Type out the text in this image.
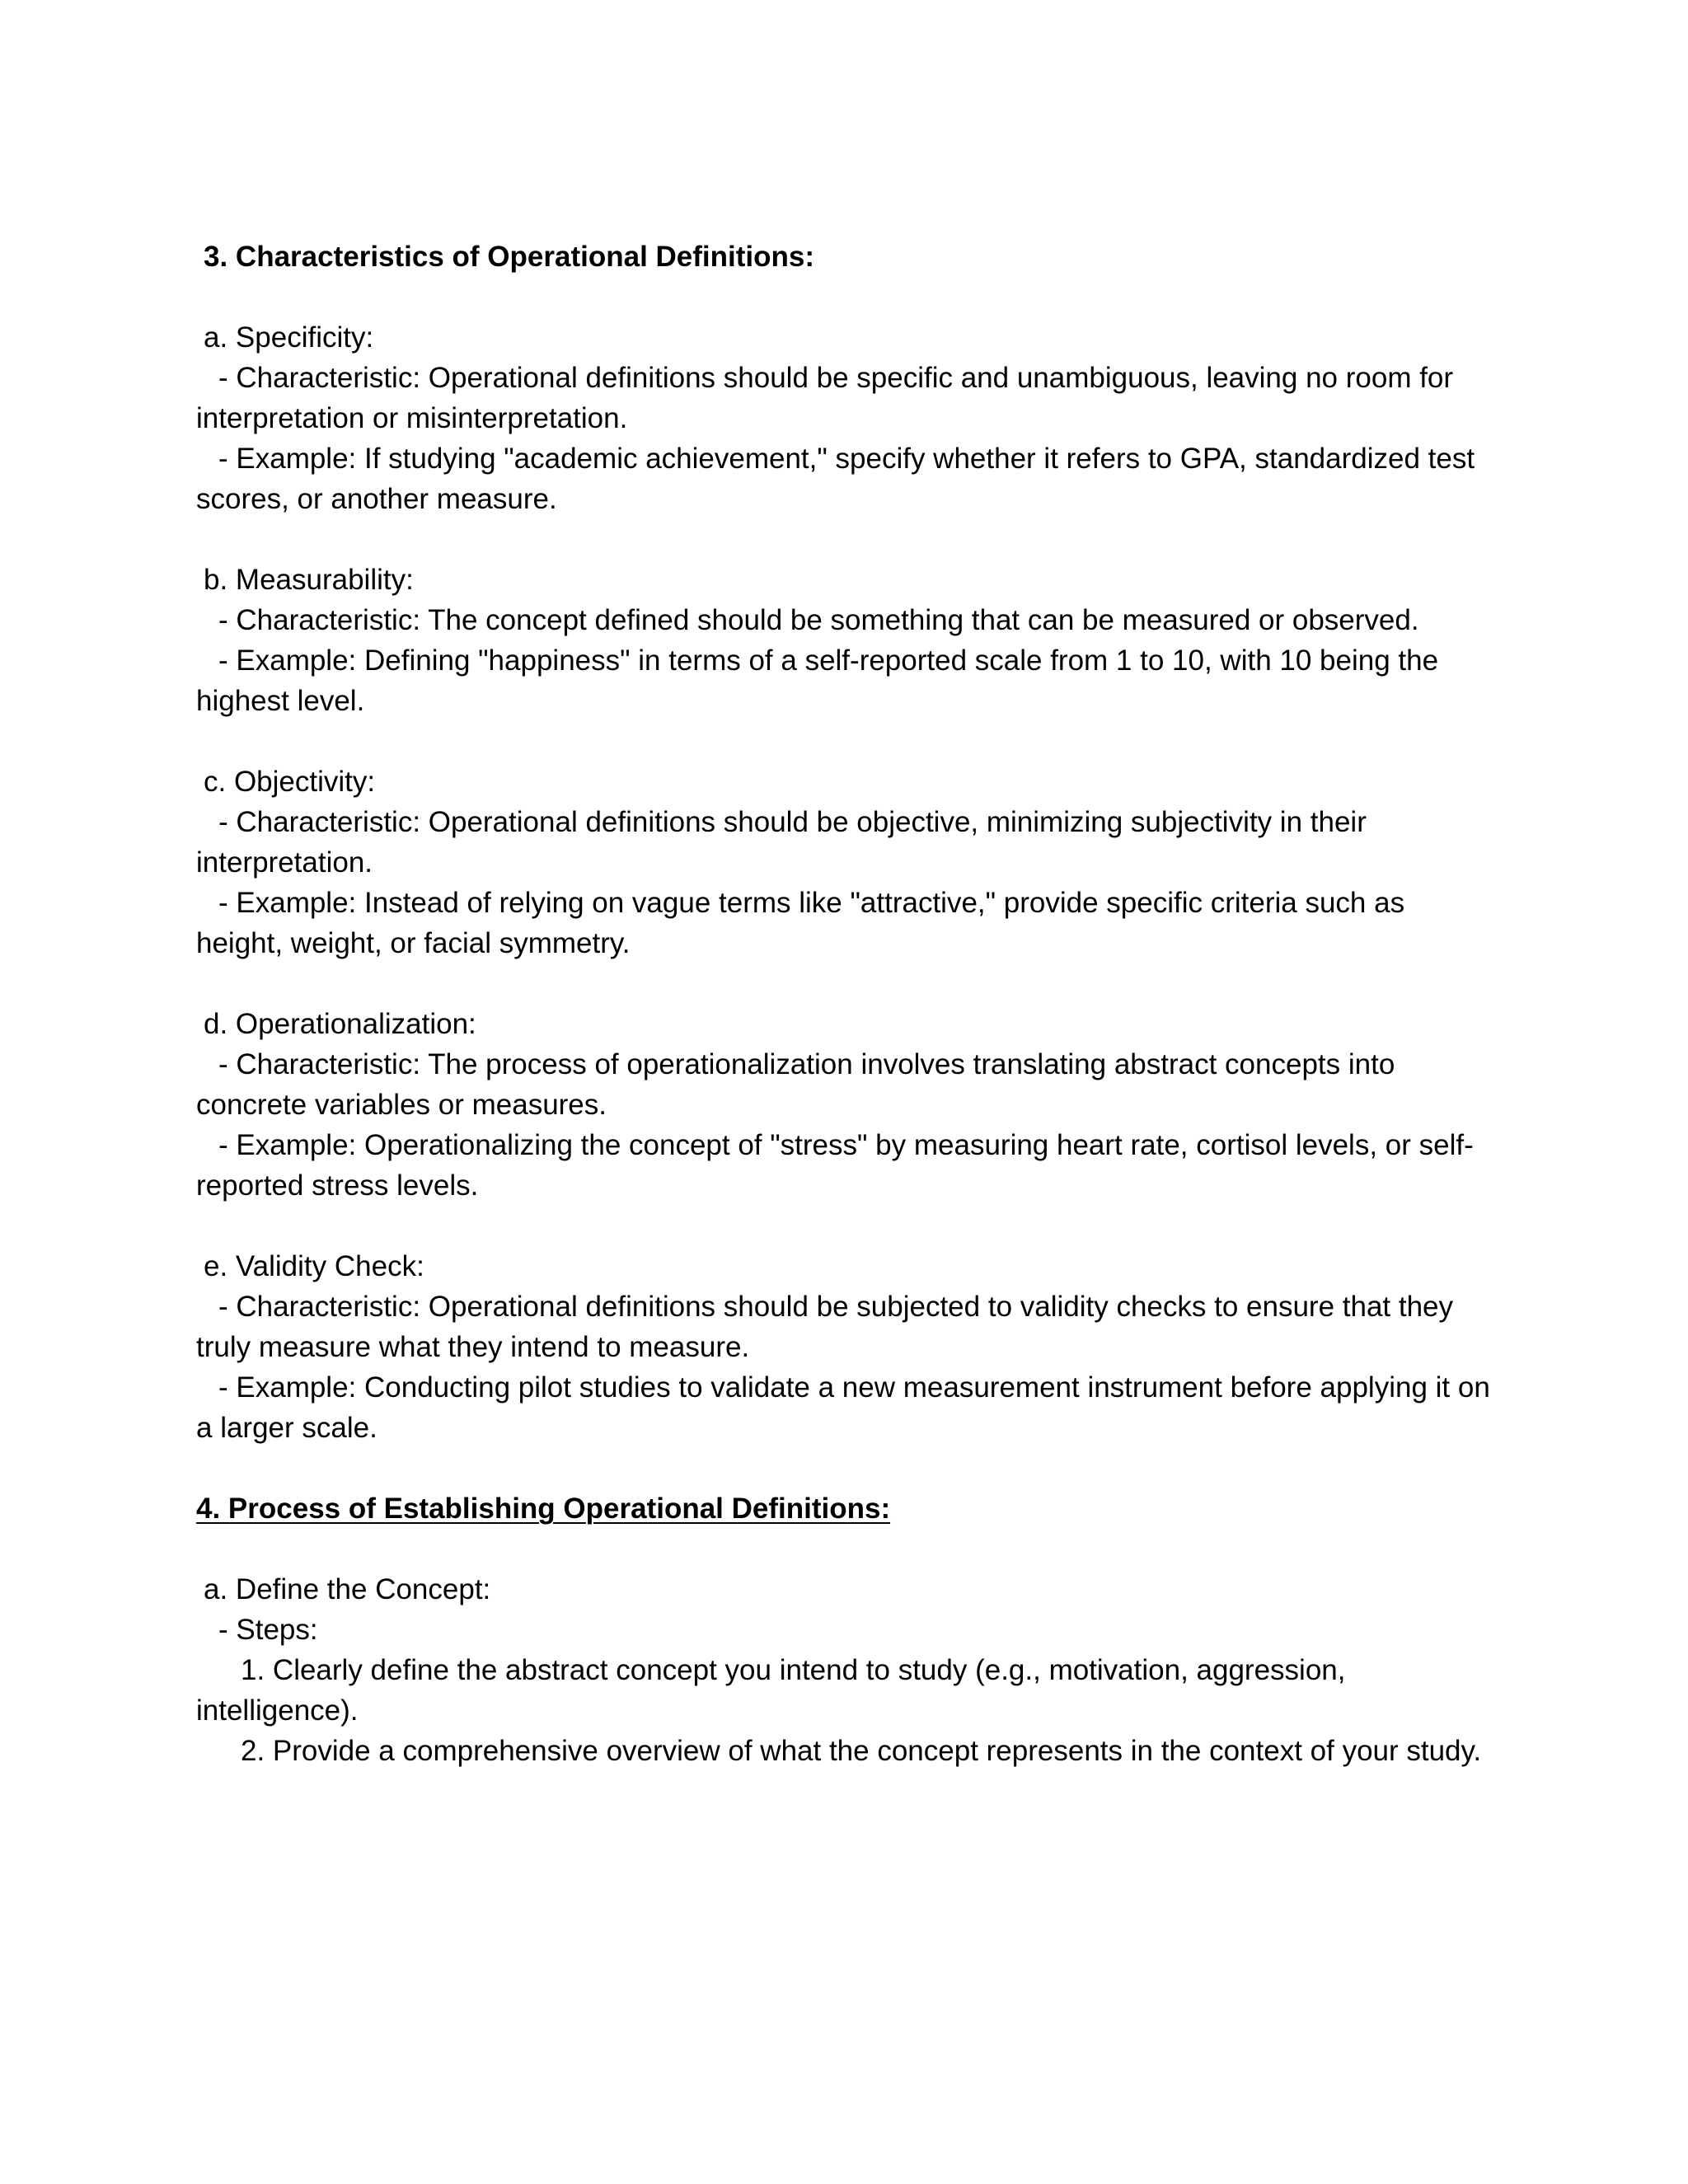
3. Characteristics of Operational Definitions:

a. Specificity:

- Characteristic: Operational definitions should be specific and unambiguous, leaving no room for interpretation or misinterpretation.

- Example: If studying "academic achievement," specify whether it refers to GPA, standardized test scores, or another measure.

b. Measurability:

- Characteristic: The concept defined should be something that can be measured or observed.

- Example: Defining "happiness" in terms of a self-reported scale from 1 to 10, with 10 being the highest level.

c. Objectivity:

- Characteristic: Operational definitions should be objective, minimizing subjectivity in their interpretation.

- Example: Instead of relying on vague terms like "attractive," provide specific criteria such as height, weight, or facial symmetry.

d. Operationalization:

- Characteristic: The process of operationalization involves translating abstract concepts into concrete variables or measures.

- Example: Operationalizing the concept of "stress" by measuring heart rate, cortisol levels, or self-reported stress levels.

e. Validity Check:

- Characteristic: Operational definitions should be subjected to validity checks to ensure that they truly measure what they intend to measure.

- Example: Conducting pilot studies to validate a new measurement instrument before applying it on a larger scale.

4. Process of Establishing Operational Definitions:

a. Define the Concept:

- Steps:

1. Clearly define the abstract concept you intend to study (e.g., motivation, aggression, intelligence).

2. Provide a comprehensive overview of what the concept represents in the context of your study.
